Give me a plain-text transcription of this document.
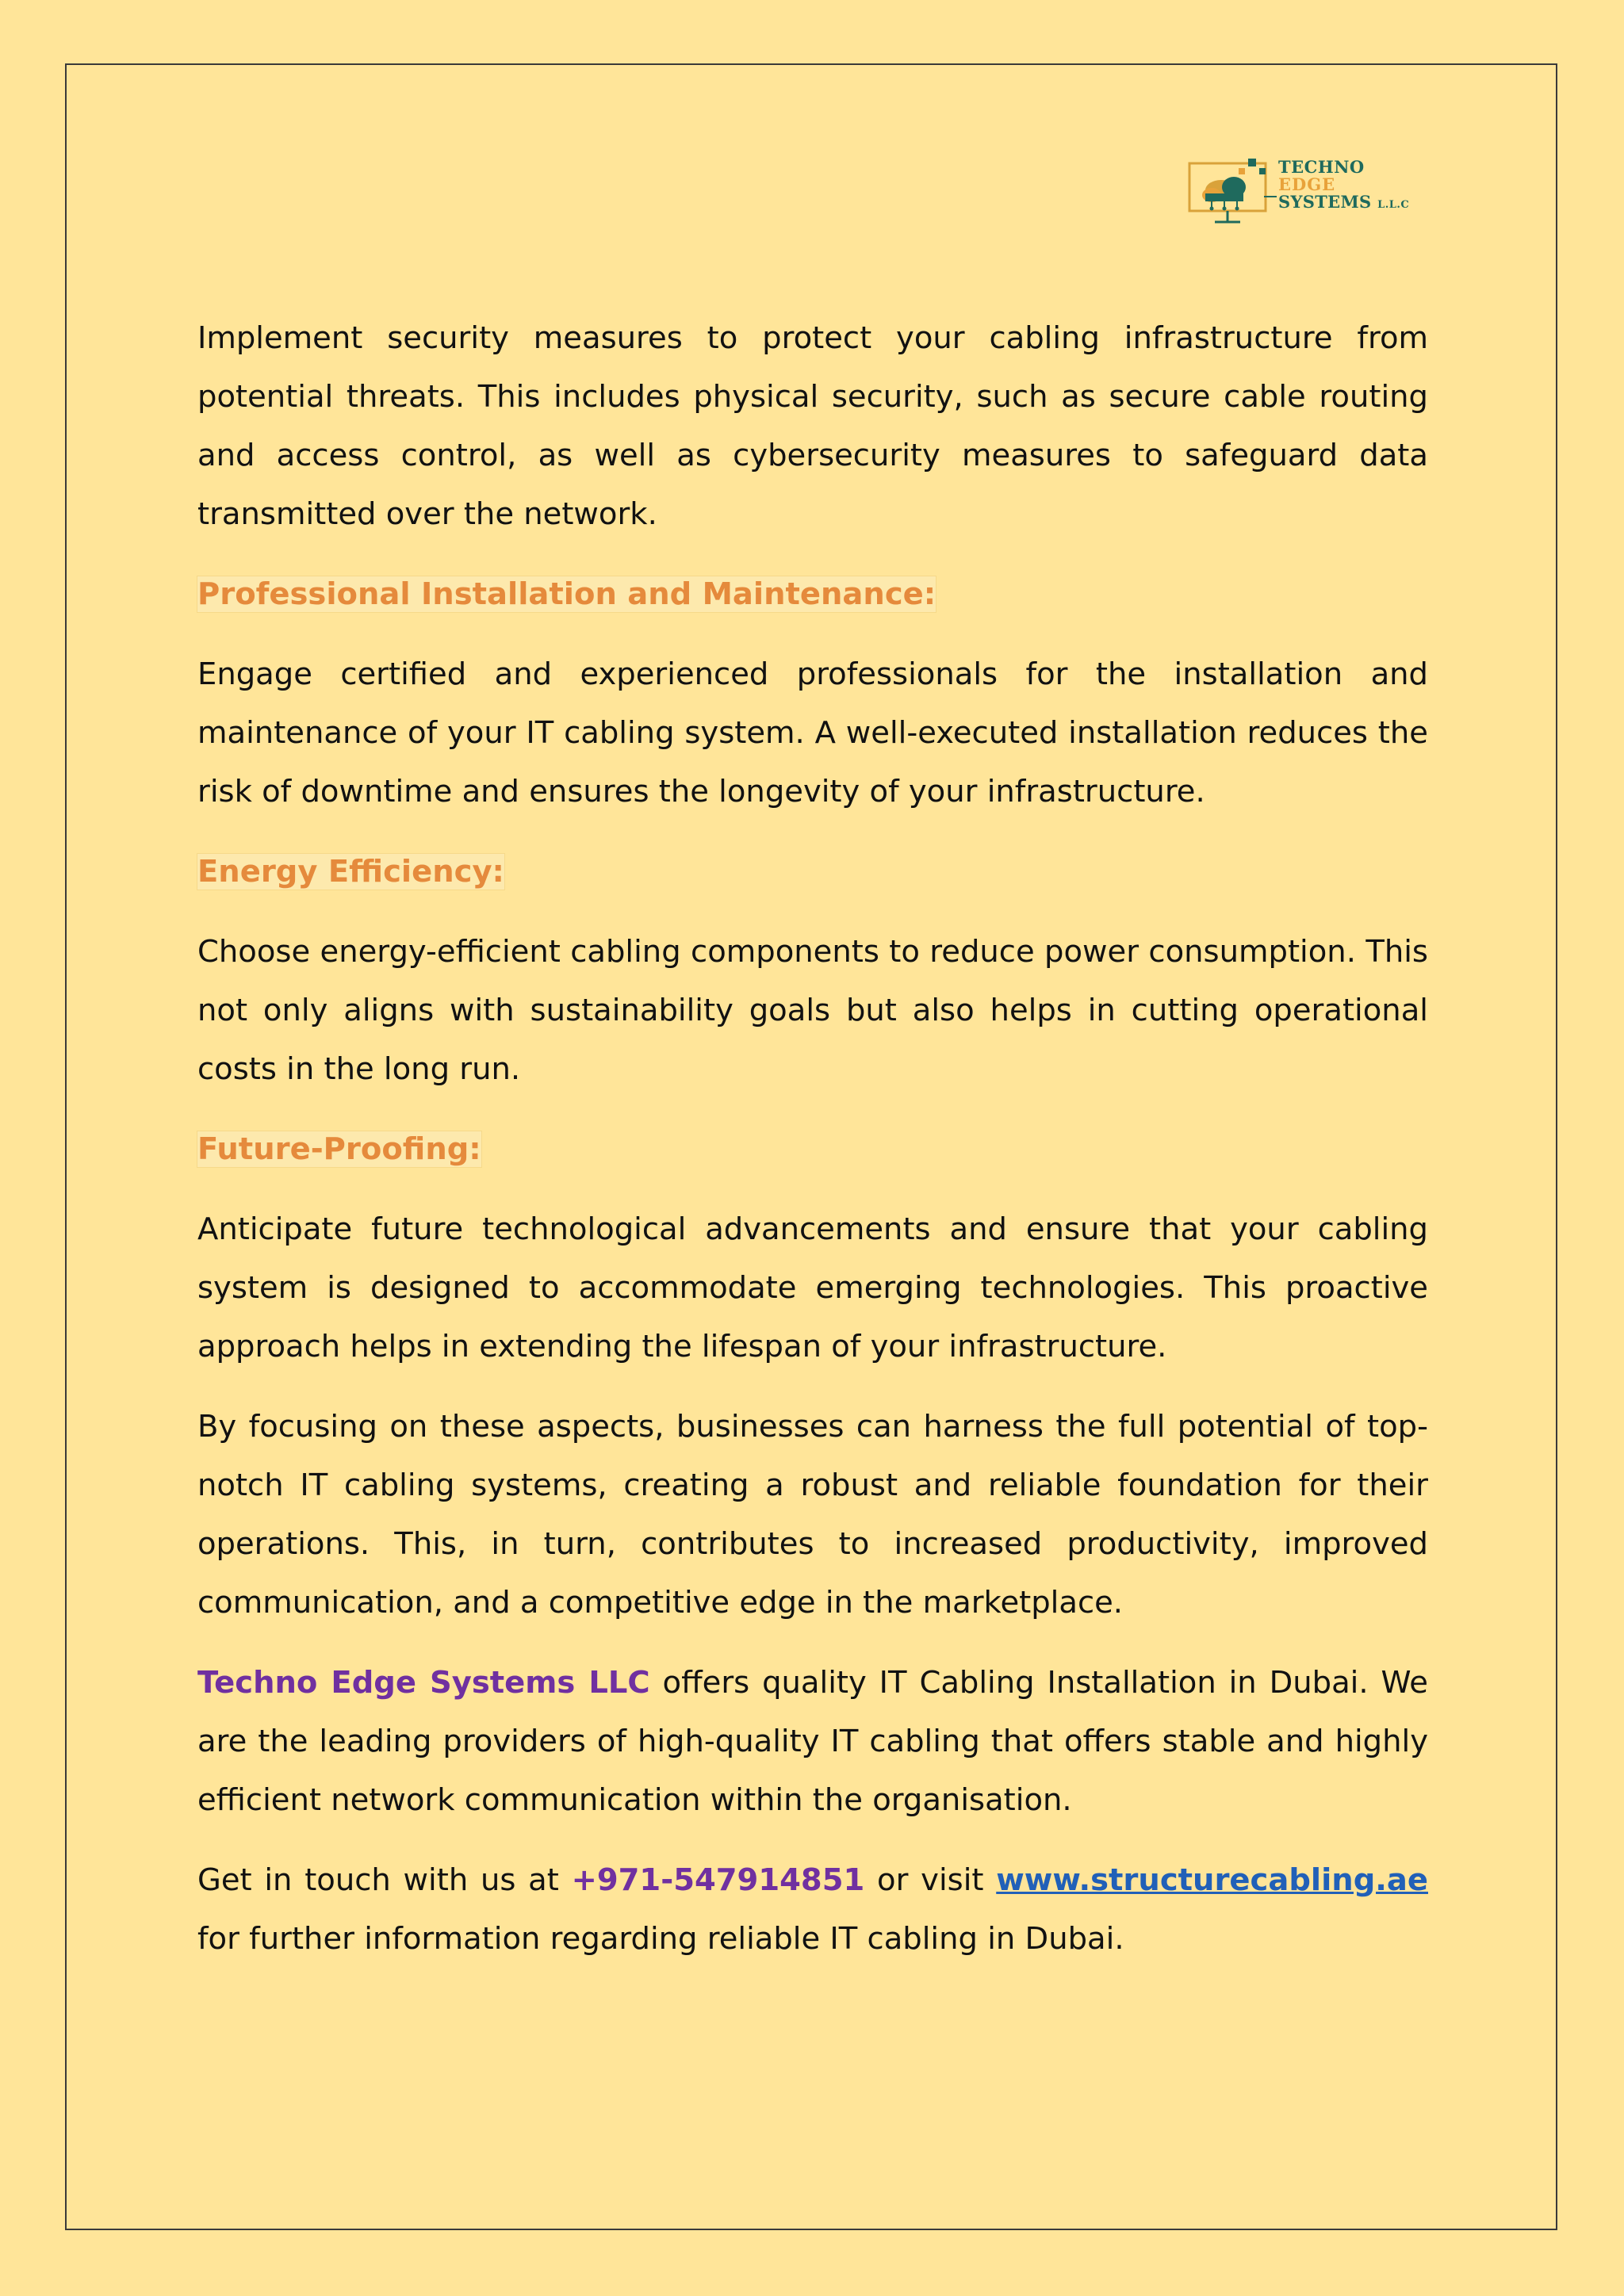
TECHNO
EDGE
SYSTEMS L.L.C

Implement security measures to protect your cabling infrastructure from potential threats. This includes physical security, such as secure cable routing and access control, as well as cybersecurity measures to safeguard data transmitted over the network.

Professional Installation and Maintenance:

Engage certified and experienced professionals for the installation and maintenance of your IT cabling system. A well-executed installation reduces the risk of downtime and ensures the longevity of your infrastructure.

Energy Efficiency:

Choose energy-efficient cabling components to reduce power consumption. This not only aligns with sustainability goals but also helps in cutting operational costs in the long run.

Future-Proofing:

Anticipate future technological advancements and ensure that your cabling system is designed to accommodate emerging technologies. This proactive approach helps in extending the lifespan of your infrastructure.

By focusing on these aspects, businesses can harness the full potential of top-notch IT cabling systems, creating a robust and reliable foundation for their operations. This, in turn, contributes to increased productivity, improved communication, and a competitive edge in the marketplace.

Techno Edge Systems LLC offers quality IT Cabling Installation in Dubai. We are the leading providers of high-quality IT cabling that offers stable and highly efficient network communication within the organisation.

Get in touch with us at +971-547914851 or visit www.structurecabling.ae for further information regarding reliable IT cabling in Dubai.
